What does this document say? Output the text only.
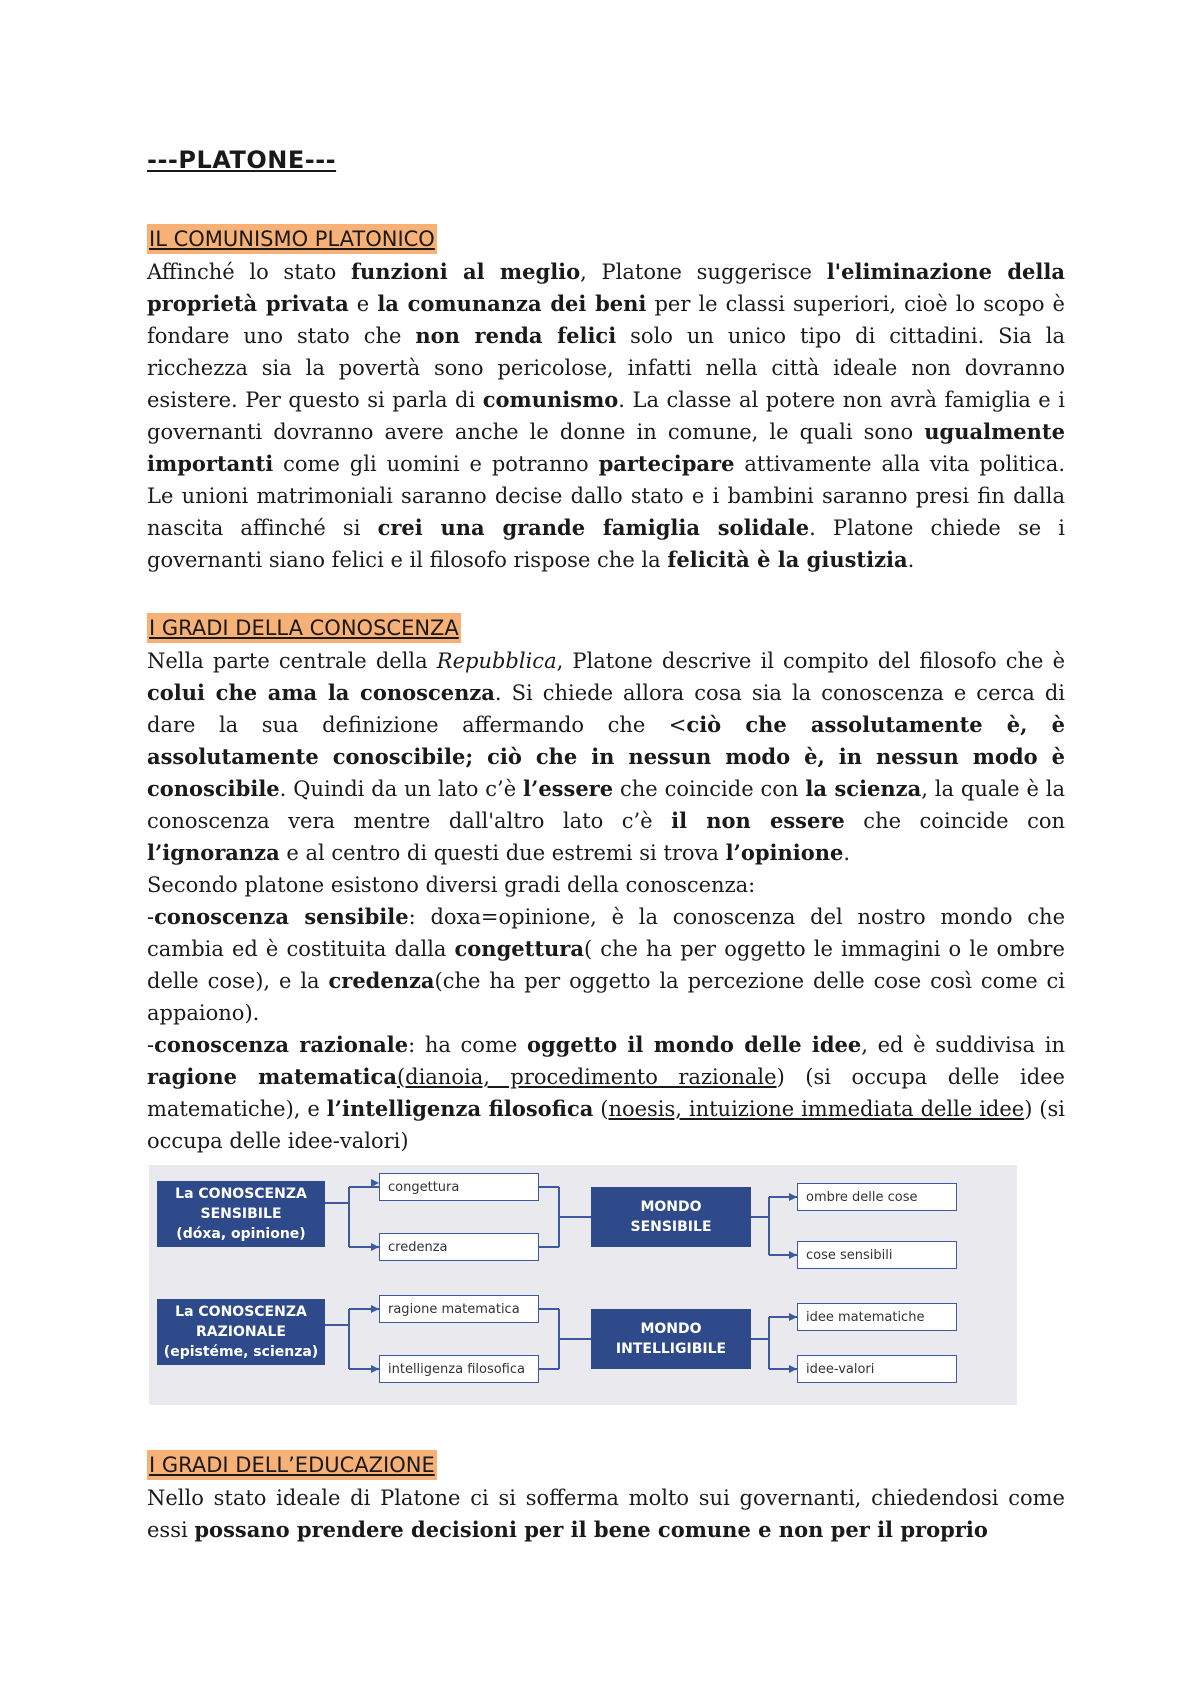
---PLATONE---
IL COMUNISMO PLATONICO

Affinché lo stato funzioni al meglio, Platone suggerisce l'eliminazione della proprietà privata e la comunanza dei beni per le classi superiori, cioè lo scopo è fondare uno stato che non renda felici solo un unico tipo di cittadini. Sia la ricchezza sia la povertà sono pericolose, infatti nella città ideale non dovranno esistere. Per questo si parla di comunismo. La classe al potere non avrà famiglia e i governanti dovranno avere anche le donne in comune, le quali sono ugualmente importanti come gli uomini e potranno partecipare attivamente alla vita politica. Le unioni matrimoniali saranno decise dallo stato e i bambini saranno presi fin dalla nascita affinché si crei una grande famiglia solidale. Platone chiede se i governanti siano felici e il filosofo rispose che la felicità è la giustizia.

I GRADI DELLA CONOSCENZA

Nella parte centrale della Repubblica, Platone descrive il compito del filosofo che è colui che ama la conoscenza. Si chiede allora cosa sia la conoscenza e cerca di dare la sua definizione affermando che <ciò che assolutamente è, è assolutamente conoscibile; ciò che in nessun modo è, in nessun modo è conoscibile. Quindi da un lato c’è l’essere che coincide con la scienza, la quale è la conoscenza vera mentre dall'altro lato c’è il non essere che coincide con l’ignoranza e al centro di questi due estremi si trova l’opinione.

Secondo platone esistono diversi gradi della conoscenza:

-conoscenza sensibile: doxa=opinione, è la conoscenza del nostro mondo che cambia ed è costituita dalla congettura( che ha per oggetto le immagini o le ombre delle cose), e la credenza(che ha per oggetto la percezione delle cose così come ci appaiono).

-conoscenza razionale: ha come oggetto il mondo delle idee, ed è suddivisa in ragione matematica(dianoia, procedimento razionale) (si occupa delle idee matematiche), e l’intelligenza filosofica (noesis, intuizione immediata delle idee) (si occupa delle idee-valori)

La CONOSCENZA
SENSIBILE
(dóxa, opinione)
congettura
credenza
MONDO
SENSIBILE
ombre delle cose
cose sensibili
La CONOSCENZA
RAZIONALE
(epistéme, scienza)
ragione matematica
intelligenza filosofica
MONDO
INTELLIGIBILE
idee matematiche
idee-valori
I GRADI DELL’EDUCAZIONE

Nello stato ideale di Platone ci si sofferma molto sui governanti, chiedendosi come essi possano prendere decisioni per il bene comune e non per il proprio
